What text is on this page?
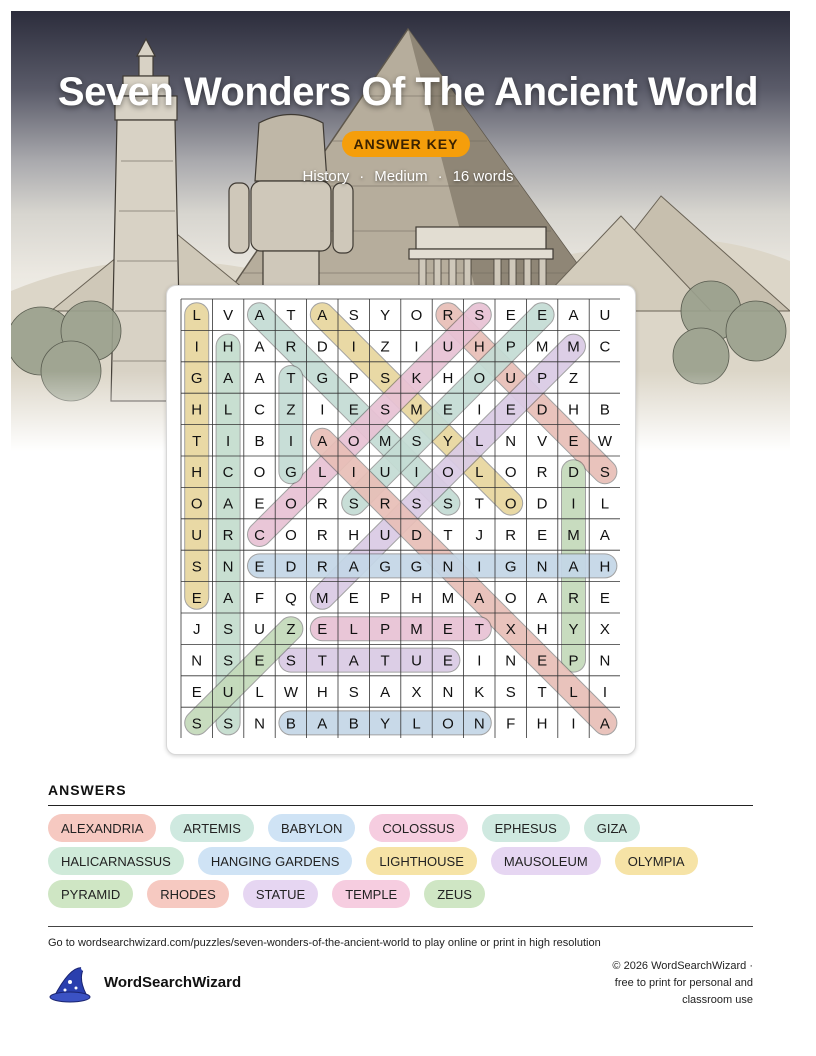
Seven Wonders Of The Ancient World
ANSWER KEY
History · Medium · 16 words
L V A T A S Y O R S E E A U
I H A R D I Z I U H P M M C
G A A T G P S K H O U P Z
H L C Z I E S M E I E D H B
T I B I A O M S Y L N V E W
H C O G L I U I O L O R D S
O A E O R S R S S T O D I L
U R C O R H U D T J R E M A
S N E D R A G G N I G N A H
E A F Q M E P H M A O A R E
J S U Z E L P M E T X H Y X
N S E S T A T U E I N E P N
E U L W H S A X N K S T L I
S S N B A B Y L O N F H I A
ANSWERS
ALEXANDRIA	ARTEMIS	BABYLON	COLOSSUS	EPHESUS	GIZA
HALICARNASSUS	HANGING GARDENS	LIGHTHOUSE	MAUSOLEUM	OLYMPIA
PYRAMID	RHODES	STATUE	TEMPLE	ZEUS
Go to wordsearchwizard.com/puzzles/seven-wonders-of-the-ancient-world to play online or print in high resolution
WordSearchWizard
© 2026 WordSearchWizard ·
free to print for personal and
classroom use
